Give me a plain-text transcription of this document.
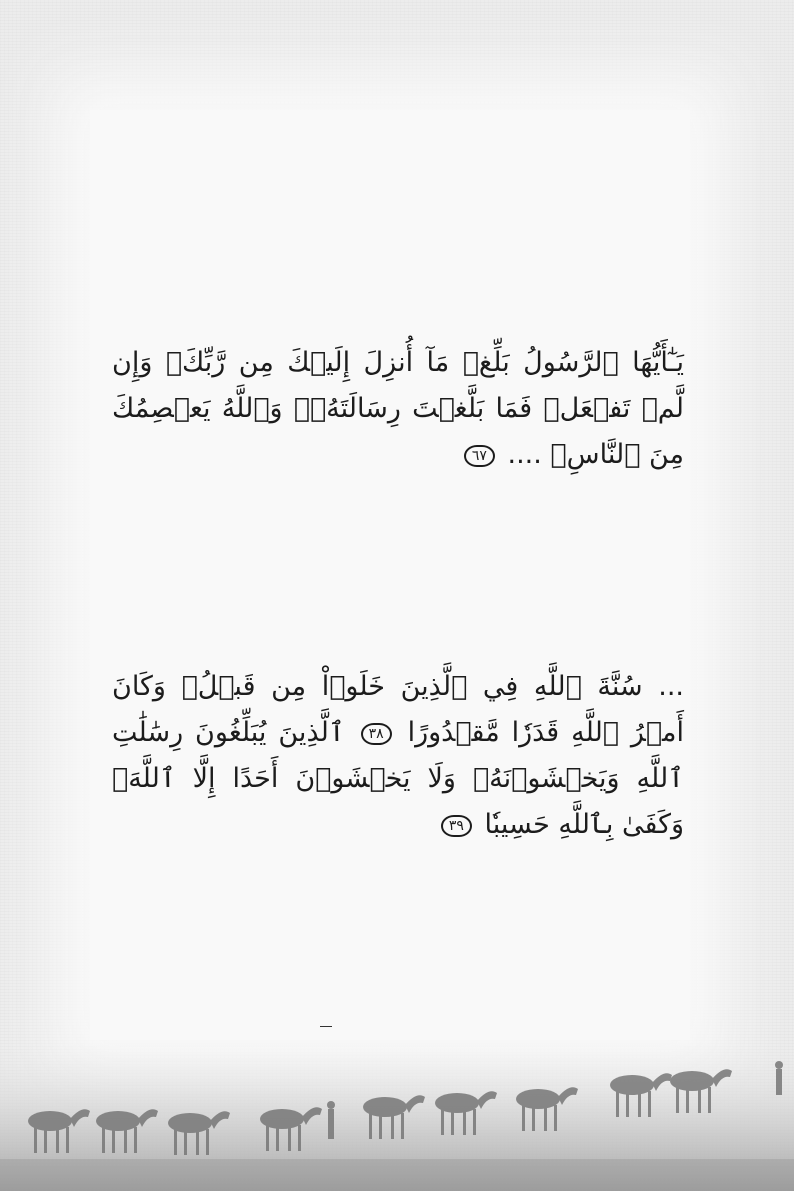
يَـٰٓأَيُّهَا ٱلرَّسُولُ بَلِّغۡ مَآ أُنزِلَ إِلَيۡكَ مِن رَّبِّكَۖ وَإِن لَّمۡ تَفۡعَلۡ فَمَا بَلَّغۡتَ رِسَالَتَهُۥۚ وَٱللَّهُ يَعۡصِمُكَ مِنَ ٱلنَّاسِۗ .... ٦٧
... سُنَّةَ ٱللَّهِ فِي ٱلَّذِينَ خَلَوۡاْ مِن قَبۡلُۚ وَكَانَ أَمۡرُ ٱللَّهِ قَدَرٗا مَّقۡدُورًا ٣٨ ٱلَّذِينَ يُبَلِّغُونَ رِسَٰلَٰتِ ٱللَّهِ وَيَخۡشَوۡنَهُۥ وَلَا يَخۡشَوۡنَ أَحَدًا إِلَّا ٱللَّهَۗ وَكَفَىٰ بِٱللَّهِ حَسِيبٗا ٣٩
